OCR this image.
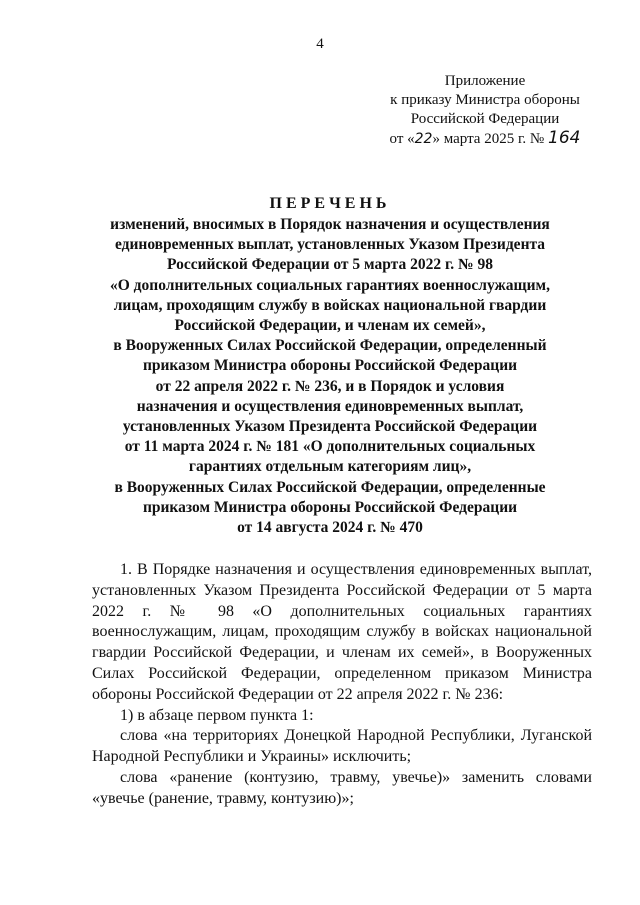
4
Приложение
к приказу Министра обороны
Российской Федерации
от «22» марта 2025 г. № 164
ПЕРЕЧЕНЬ
изменений, вносимых в Порядок назначения и осуществления
единовременных выплат, установленных Указом Президента
Российской Федерации от 5 марта 2022 г. № 98
«О дополнительных социальных гарантиях военнослужащим,
лицам, проходящим службу в войсках национальной гвардии
Российской Федерации, и членам их семей»,
в Вооруженных Силах Российской Федерации, определенный
приказом Министра обороны Российской Федерации
от 22 апреля 2022 г. № 236, и в Порядок и условия
назначения и осуществления единовременных выплат,
установленных Указом Президента Российской Федерации
от 11 марта 2024 г. № 181 «О дополнительных социальных
гарантиях отдельным категориям лиц»,
в Вооруженных Силах Российской Федерации, определенные
приказом Министра обороны Российской Федерации
от 14 августа 2024 г. № 470

1. В Порядке назначения и осуществления единовременных выплат, установленных Указом Президента Российской Федерации от 5 марта 2022 г. № 98 «О дополнительных социальных гарантиях военнослужащим, лицам, проходящим службу в войсках национальной гвардии Российской Федерации, и членам их семей», в Вооруженных Силах Российской Федерации, определенном приказом Министра обороны Российской Федерации от 22 апреля 2022 г. № 236:

1) в абзаце первом пункта 1:

слова «на территориях Донецкой Народной Республики, Луганской Народной Республики и Украины» исключить;

слова «ранение (контузию, травму, увечье)» заменить словами «увечье (ранение, травму, контузию)»;
